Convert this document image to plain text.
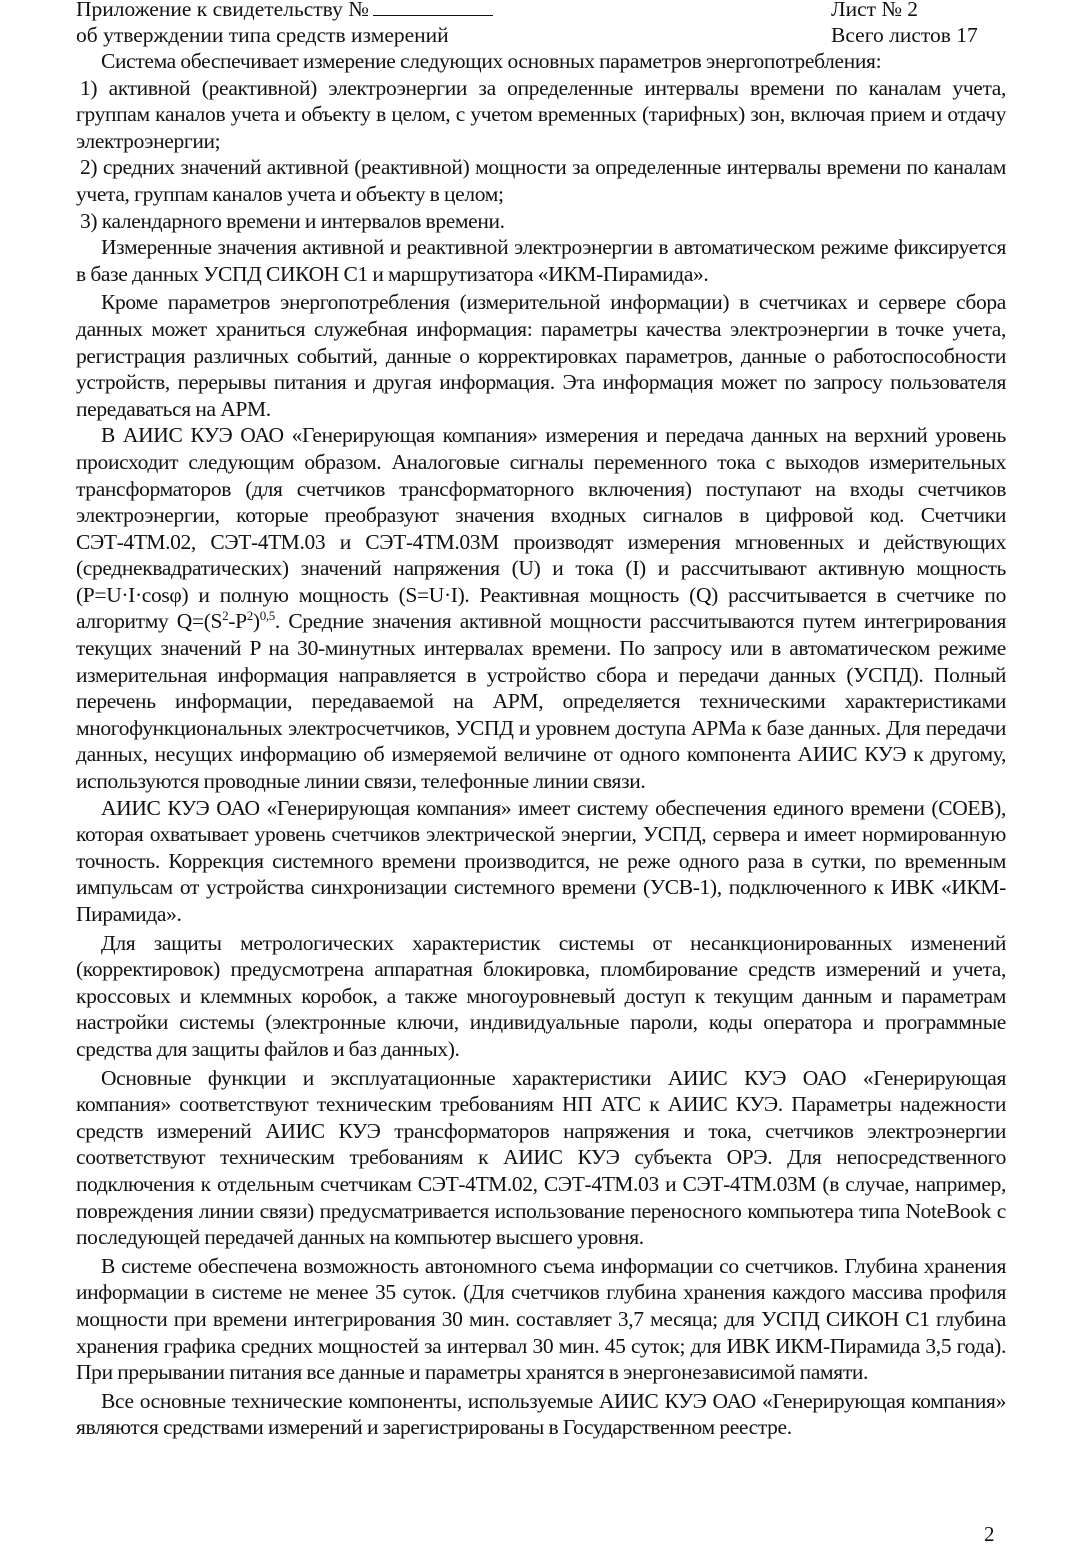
Приложение к свидетельству №	Лист № 2
об утверждении типа средств измерений	Всего листов 17

Система обеспечивает измерение следующих основных параметров энергопотребления:

1) активной (реактивной) электроэнергии за определенные интервалы времени по каналам учета, группам каналов учета и объекту в целом, с учетом временных (тарифных) зон, включая прием и отдачу электроэнергии;

2) средних значений активной (реактивной) мощности за определенные интервалы времени по каналам учета, группам каналов учета и объекту в целом;

3) календарного времени и интервалов времени.

Измеренные значения активной и реактивной электроэнергии в автоматическом режиме фиксируется в базе данных УСПД СИКОН С1 и маршрутизатора «ИКМ-Пирамида».

Кроме параметров энергопотребления (измерительной информации) в счетчиках и сервере сбора данных может храниться служебная информация: параметры качества электроэнергии в точке учета, регистрация различных событий, данные о корректировках параметров, данные о работоспособности устройств, перерывы питания и другая информация. Эта информация может по запросу пользователя передаваться на АРМ.

В АИИС КУЭ ОАО «Генерирующая компания» измерения и передача данных на верхний уровень происходит следующим образом. Аналоговые сигналы переменного тока с выходов измерительных трансформаторов (для счетчиков трансформаторного включения) поступают на входы счетчиков электроэнергии, которые преобразуют значения входных сигналов в цифровой код. Счетчики СЭТ-4ТМ.02, СЭТ-4ТМ.03 и СЭТ-4ТМ.03М производят измерения мгновенных и действующих (среднеквадратических) значений напряжения (U) и тока (I) и рассчитывают активную мощность (P=U·I·cosφ) и полную мощность (S=U·I). Реактивная мощность (Q) рассчитывается в счетчике по алгоритму $Q=(S^2-P^2)^{0,5}$. Средние значения активной мощности рассчитываются путем интегрирования текущих значений P на 30-минутных интервалах времени. По запросу или в автоматическом режиме измерительная информация направляется в устройство сбора и передачи данных (УСПД). Полный перечень информации, передаваемой на АРМ, определяется техническими характеристиками многофункциональных электросчетчиков, УСПД и уровнем доступа АРМа к базе данных. Для передачи данных, несущих информацию об измеряемой величине от одного компонента АИИС КУЭ к другому, используются проводные линии связи, телефонные линии связи.

АИИС КУЭ ОАО «Генерирующая компания» имеет систему обеспечения единого времени (СОЕВ), которая охватывает уровень счетчиков электрической энергии, УСПД, сервера и имеет нормированную точность. Коррекция системного времени производится, не реже одного раза в сутки, по временным импульсам от устройства синхронизации системного времени (УСВ-1), подключенного к ИВК «ИКМ-Пирамида».

Для защиты метрологических характеристик системы от несанкционированных изменений (корректировок) предусмотрена аппаратная блокировка, пломбирование средств измерений и учета, кроссовых и клеммных коробок, а также многоуровневый доступ к текущим данным и параметрам настройки системы (электронные ключи, индивидуальные пароли, коды оператора и программные средства для защиты файлов и баз данных).

Основные функции и эксплуатационные характеристики АИИС КУЭ ОАО «Генерирующая компания» соответствуют техническим требованиям НП АТС к АИИС КУЭ. Параметры надежности средств измерений АИИС КУЭ трансформаторов напряжения и тока, счетчиков электроэнергии соответствуют техническим требованиям к АИИС КУЭ субъекта ОРЭ. Для непосредственного подключения к отдельным счетчикам СЭТ-4ТМ.02, СЭТ-4ТМ.03 и СЭТ-4ТМ.03М (в случае, например, повреждения линии связи) предусматривается использование переносного компьютера типа NoteBook с последующей передачей данных на компьютер высшего уровня.

В системе обеспечена возможность автономного съема информации со счетчиков. Глубина хранения информации в системе не менее 35 суток. (Для счетчиков глубина хранения каждого массива профиля мощности при времени интегрирования 30 мин. составляет 3,7 месяца; для УСПД СИКОН С1 глубина хранения графика средних мощностей за интервал 30 мин. 45 суток; для ИВК ИКМ-Пирамида 3,5 года). При прерывании питания все данные и параметры хранятся в энергонезависимой памяти.

Все основные технические компоненты, используемые АИИС КУЭ ОАО «Генерирующая компания» являются средствами измерений и зарегистрированы в Государственном реестре.

2
